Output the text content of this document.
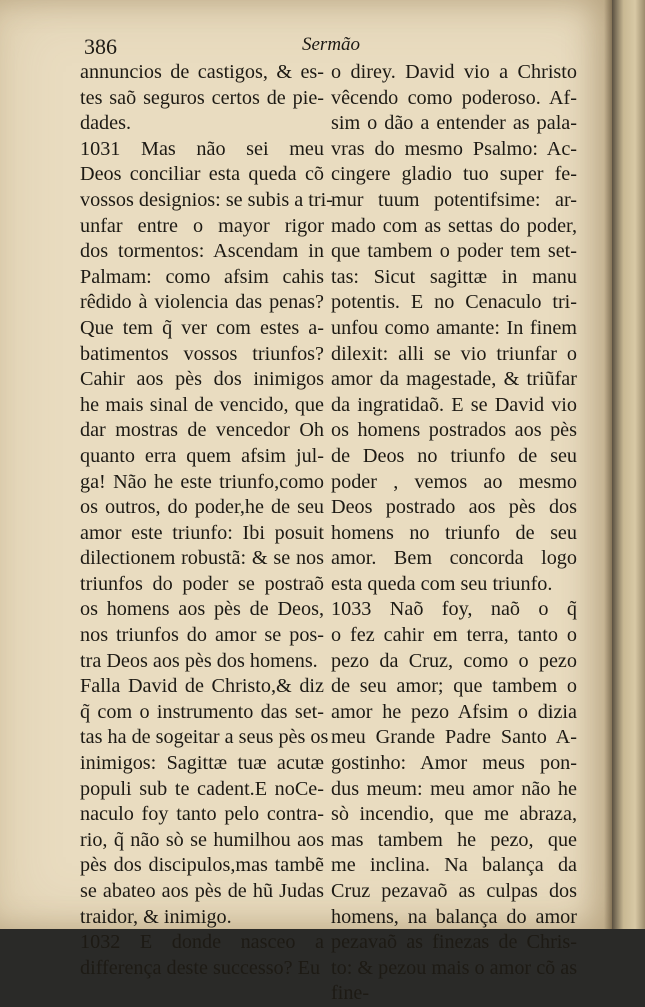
386	Sermão
annuncios de castigos, & es-
tes saõ seguros certos de pie-
dades.
1031 Mas não sei meu
Deos conciliar esta queda cõ
vossos designios: se subis a tri-
unfar entre o mayor rigor
dos tormentos: Ascendam in
Palmam: como afsim cahis
rêdido à violencia das penas?
Que tem q̃ ver com estes a-
batimentos vossos triunfos?
Cahir aos pès dos inimigos
he mais sinal de vencido, que
dar mostras de vencedor Oh
quanto erra quem afsim jul-
ga! Não he este triunfo,como
os outros, do poder,he de seu
amor este triunfo: Ibi posuit
dilectionem robustã: & se nos
triunfos do poder se postraõ
os homens aos pès de Deos,
nos triunfos do amor se pos-
tra Deos aos pès dos homens.
Falla David de Christo,& diz
q̃ com o instrumento das set-
tas ha de sogeitar a seus pès os
inimigos: Sagittæ tuæ acutæ
populi sub te cadent.E noCe-
naculo foy tanto pelo contra-
rio, q̃ não sò se humilhou aos
pès dos discipulos,mas tambẽ
se abateo aos pès de hũ Judas
traidor, & inimigo.
1032 E donde nasceo a
differença deste successo? Eu
o direy. David vio a Christo
vêcendo como poderoso. Af-
sim o dão a entender as pala-
vras do mesmo Psalmo: Ac-
cingere gladio tuo super fe-
mur tuum potentifsime: ar-
mado com as settas do poder,
que tambem o poder tem set-
tas: Sicut sagittæ in manu
potentis. E no Cenaculo tri-
unfou como amante: In finem
dilexit: alli se vio triunfar o
amor da magestade, & triũfar
da ingratidaõ. E se David vio
os homens postrados aos pès
de Deos no triunfo de seu
poder , vemos ao mesmo
Deos postrado aos pès dos
homens no triunfo de seu
amor. Bem concorda logo
esta queda com seu triunfo.
1033 Naõ foy, naõ o q̃
o fez cahir em terra, tanto o
pezo da Cruz, como o pezo
de seu amor; que tambem o
amor he pezo Afsim o dizia
meu Grande Padre Santo A-
gostinho: Amor meus pon-
dus meum: meu amor não he
sò incendio, que me abraza,
mas tambem he pezo, que
me inclina. Na balança da
Cruz pezavaõ as culpas dos
homens, na balança do amor
pezavaõ as finezas de Chris-
to: & pezou mais o amor cõ as
fine-
